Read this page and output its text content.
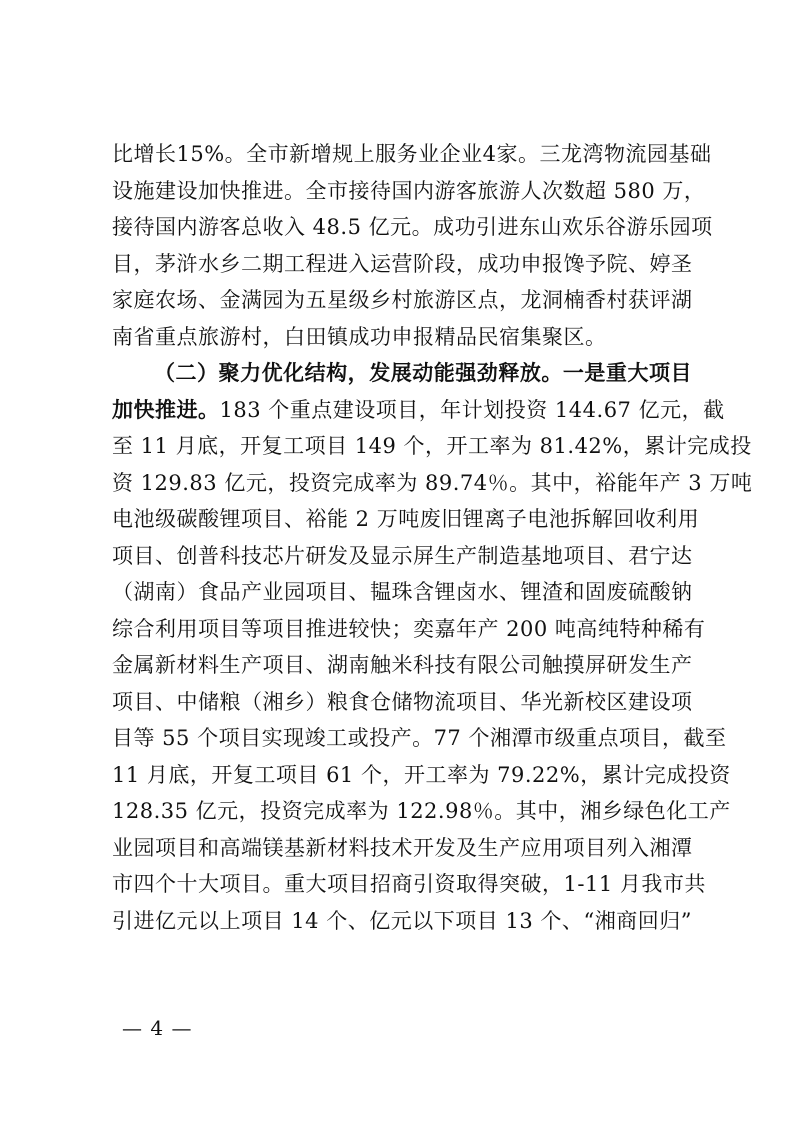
比增长15%。全市新增规上服务业企业4家。三龙湾物流园基础
设施建设加快推进。全市接待国内游客旅游人次数超 580 万，
接待国内游客总收入 48.5 亿元。成功引进东山欢乐谷游乐园项
目，茅浒水乡二期工程进入运营阶段，成功申报馋予院、婷圣
家庭农场、金满园为五星级乡村旅游区点，龙洞楠香村获评湖
南省重点旅游村，白田镇成功申报精品民宿集聚区。
（二）聚力优化结构，发展动能强劲释放。一是重大项目
加快推进。183 个重点建设项目，年计划投资 144.67 亿元，截
至 11 月底，开复工项目 149 个，开工率为 81.42%，累计完成投
资 129.83 亿元，投资完成率为 89.74％。其中，裕能年产 3 万吨
电池级碳酸锂项目、裕能 2 万吨废旧锂离子电池拆解回收利用
项目、创普科技芯片研发及显示屏生产制造基地项目、君宁达
（湖南）食品产业园项目、韫珠含锂卤水、锂渣和固废硫酸钠
综合利用项目等项目推进较快；奕嘉年产 200 吨高纯特种稀有
金属新材料生产项目、湖南触米科技有限公司触摸屏研发生产
项目、中储粮（湘乡）粮食仓储物流项目、华光新校区建设项
目等 55 个项目实现竣工或投产。77 个湘潭市级重点项目，截至
11 月底，开复工项目 61 个，开工率为 79.22%，累计完成投资
128.35 亿元，投资完成率为 122.98％。其中，湘乡绿色化工产
业园项目和高端镁基新材料技术开发及生产应用项目列入湘潭
市四个十大项目。重大项目招商引资取得突破，1-11 月我市共
引进亿元以上项目 14 个、亿元以下项目 13 个、“湘商回归”
— 4 —
